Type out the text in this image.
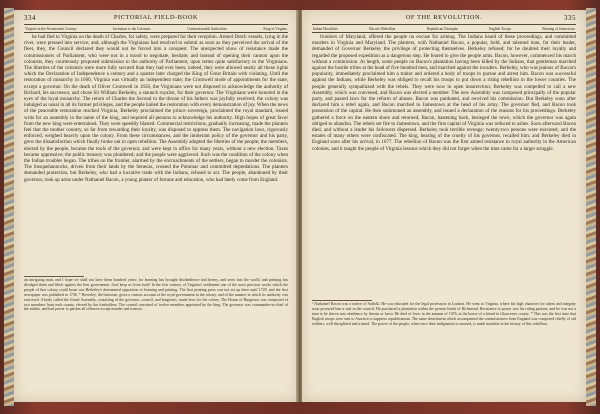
334	PICTORIAL FIELD-BOOK
Virginia in the Seventeenth Century	Invitation to the Colonists	Commonwealth Authorities	King of Virginia

he had fled to Virginia on the death of Charles, for safety, were prepared for their reception. Armed Dutch vessels, lying in the river, were pressed into service; and, although the Virginians had resolved to submit as soon as they perceived the arrival of the fleet, they, the Council declared they would not be forced into a conquest. The unexpected show of resistance made the commissioners of Parliament, who were not in a mood to negotiate, hesitate; and instead of opening their cannon upon the colonists, they courteously proposed submission to the authority of Parliament, upon terms quite satisfactory to the Virginians. The liberties of the colonists were more fully secured than they had ever been; indeed, they were allowed nearly all those rights which the Declaration of Independence a century and a quarter later charged the King of Great Britain with violating. Until the restoration of monarchy in 1660, Virginia was virtually an independent state; the Cromwell mode of appointments for the state, except a governor. On the death of Oliver Cromwell in 1658, the Virginians were not disposed to acknowledge the authority of Richard, his successor, and chose Sir William Berkeley, a staunch royalist, for their governor. The Virginians were honored in the eyes of the loyal monarchy. The return of Charles the Second to the throne of his fathers was joyfully received; the colony was indulged as usual in all its former privileges, and the people hailed the restoration with every demonstration of joy. When the news of the peaceable restoration reached Virginia, Berkeley proclaimed the prince sovereign, proclaimed the royal standard, issued writs for an assembly in the name of the king, and required all persons to acknowledge his authority. High hopes of great favor from the new king were entertained. They were speedily blasted. Commercial restrictions, gradually increasing, made the planters feel that the mother country, so far from rewarding their loyalty, was disposed to oppress them. The navigation laws, rigorously enforced, weighed heavily upon the colony. From these circumstances, and the intolerant policy of the governor and his party, grew the dissatisfaction which finally broke out in open rebellion. The Assembly adopted the liberties of the people; the members, elected by the people, became the tools of the governor, and were kept in office for many years, without a new election. Taxes became oppressive; the public treasury was plundered; and the people were aggrieved. Such was the condition of the colony when the Indian troubles began. The tribes on the frontier, alarmed by the encroachments of the settlers, began to murder the colonists. The Susquehannocks, driven from their lands by the Senecas, crossed the Potomac and committed depredations. The planters demanded protection, but Berkeley, who had a lucrative trade with the Indians, refused to act. The people, abandoned by their governor, took up arms under Nathaniel Bacon, a young planter of fortune and education, who had lately come from England.

an intriguing man, and I hope we shall not have them hundred years; for learning has brought disobedience and heresy, and sects into the world, and printing has divulged them and libels against the best government. God keep us from both! In the first century of Virginia's settlement one of the most precious works which the people of that colony could boast was Berkeley's determined opposition to learning and printing. The first printing press was not set up there until 1729, and the first newspaper was published in 1736. * Beverley, the historian, gives a curious account of the royal government in the colony, and of the manner in which its authority was exercised. A body called the Grand Assembly, consisting of the governor, council, and burgesses, made laws for the colony. The House of Burgesses was composed of two members from each county, elected by the freeholders. The council consisted of twelve members appointed by the king. The governor was commander-in-chief of the militia, and had power to pardon all offences except murder and treason.

OF THE REVOLUTION.	335
Indian Hostilities	Bacon's Rebellion	Republican Triumphs	English Troops	Burning of Jamestown

frontiers of Maryland, offered the people no excuse for arming. The Indians heard of these proceedings, and committed murders in Virginia and Maryland. The planters, with Nathaniel Bacon, a popular, bold, and talented man, for their leader, demanded of Governor Berkeley the privilege of protecting themselves. Berkeley refused; for he doubted their loyalty and regarded the proposed expedition as a dangerous step. He feared to give the people arms. Bacon, however, commenced his march without a commission. At length, some people on Bacon's plantation having been killed by the Indians, that gentleman marched against the hostile tribes at the head of five hundred men, and marched against the invaders. Berkeley, who was jealous of Bacon's popularity, immediately proclaimed him a traitor and ordered a body of troops to pursue and arrest him. Bacon was successful against the Indians, while Berkeley was obliged to recall his troops to put down a rising rebellion in the lower counties. The people generally sympathized with the rebels. They were now in open insurrection; Berkeley was compelled to call a new Assembly, which was convened, and Bacon was elected a member. The new Assembly was composed principally of the popular party, and passed laws for the reform of abuses. Bacon was pardoned, and received his commission. But Berkeley soon after declared him a rebel again, and Bacon marched to Jamestown at the head of his army. The governor fled, and Bacon took possession of the capital. He then summoned an assembly, and issued a declaration of the reasons for his proceedings. Berkeley gathered a force on the eastern shore and returned; Bacon, hastening back, besieged the town, which the governor was again obliged to abandon. The rebels set fire to Jamestown, and the first capital of Virginia was reduced to ashes. Soon afterward Bacon died, and without a leader his followers dispersed. Berkeley took terrible revenge; twenty-two persons were executed, and the estates of many others were confiscated. The king, hearing of the cruelty of his governor, recalled him; and Berkeley died in England soon after his arrival, in 1677. The rebellion of Bacon was the first armed resistance to royal authority in the American colonies, and it taught the people of Virginia lessons which they did not forget when the time came for a larger struggle.

¹ Nathaniel Bacon was a native of Suffolk. He was educated for the legal profession in London. He went to Virginia, where his high character for talent and integrity soon procured him a seat in the council. He purchased a plantation within the present limits of Richmond. Resistance to power was his ruling passion, and he was not a man to be driven into obedience by threats or favor. He died of fever in the autumn of 1676, at the house of a friend in Gloucester county. * This was the first time that English troops were sent to America to suppress republicanism. The same detachment which accompanied the commissioners from England was composed chiefly of old soldiers, well disciplined and trained. The power of the people, when once their indignation is aroused, is made manifest in the history of this rebellion.
